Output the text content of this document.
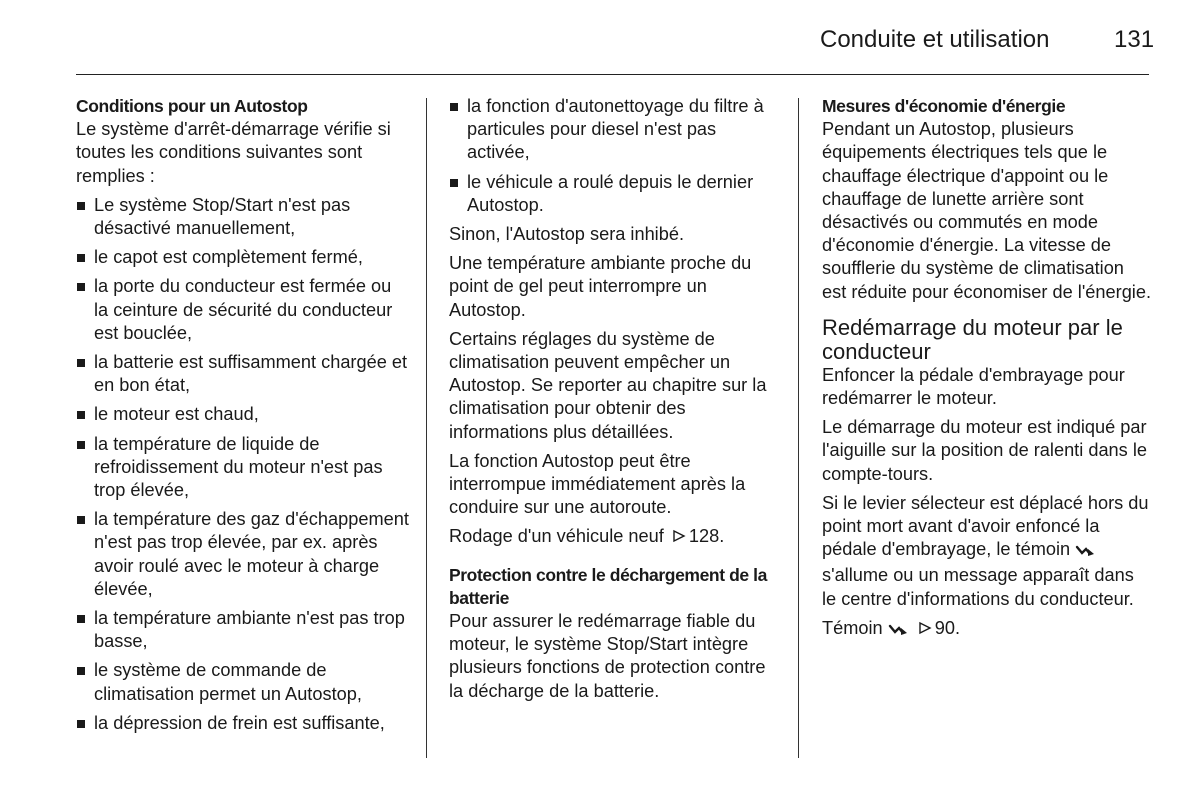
Conduite et utilisation	131

Conditions pour un Autostop

Le système d'arrêt-démarrage vérifie si toutes les conditions suivantes sont remplies :

Le système Stop/Start n'est pas désactivé manuellement,
le capot est complètement fermé,
la porte du conducteur est fermée ou la ceinture de sécurité du conducteur est bouclée,
la batterie est suffisamment chargée et en bon état,
le moteur est chaud,
la température de liquide de refroidissement du moteur n'est pas trop élevée,
la température des gaz d'échappement n'est pas trop élevée, par ex. après avoir roulé avec le moteur à charge élevée,
la température ambiante n'est pas trop basse,
le système de commande de climatisation permet un Autostop,
la dépression de frein est suffisante,
la fonction d'autonettoyage du filtre à particules pour diesel n'est pas activée,
le véhicule a roulé depuis le dernier Autostop.

Sinon, l'Autostop sera inhibé.

Une température ambiante proche du point de gel peut interrompre un Autostop.

Certains réglages du système de climatisation peuvent empêcher un Autostop. Se reporter au chapitre sur la climatisation pour obtenir des informations plus détaillées.

La fonction Autostop peut être interrompue immédiatement après la conduire sur une autoroute.

Rodage d'un véhicule neuf 128.

Protection contre le déchargement de la batterie

Pour assurer le redémarrage fiable du moteur, le système Stop/Start intègre plusieurs fonctions de protection contre la décharge de la batterie.

Mesures d'économie d'énergie

Pendant un Autostop, plusieurs équipements électriques tels que le chauffage électrique d'appoint ou le chauffage de lunette arrière sont désactivés ou commutés en mode d'économie d'énergie. La vitesse de soufflerie du système de climatisation est réduite pour économiser de l'énergie.

Redémarrage du moteur par le conducteur

Enfoncer la pédale d'embrayage pour redémarrer le moteur.

Le démarrage du moteur est indiqué par l'aiguille sur la position de ralenti dans le compte-tours.

Si le levier sélecteur est déplacé hors du point mort avant d'avoir enfoncé la pédale d'embrayage, le témoin  s'allume ou un message apparaît dans le centre d'informations du conducteur.

Témoin	90.
